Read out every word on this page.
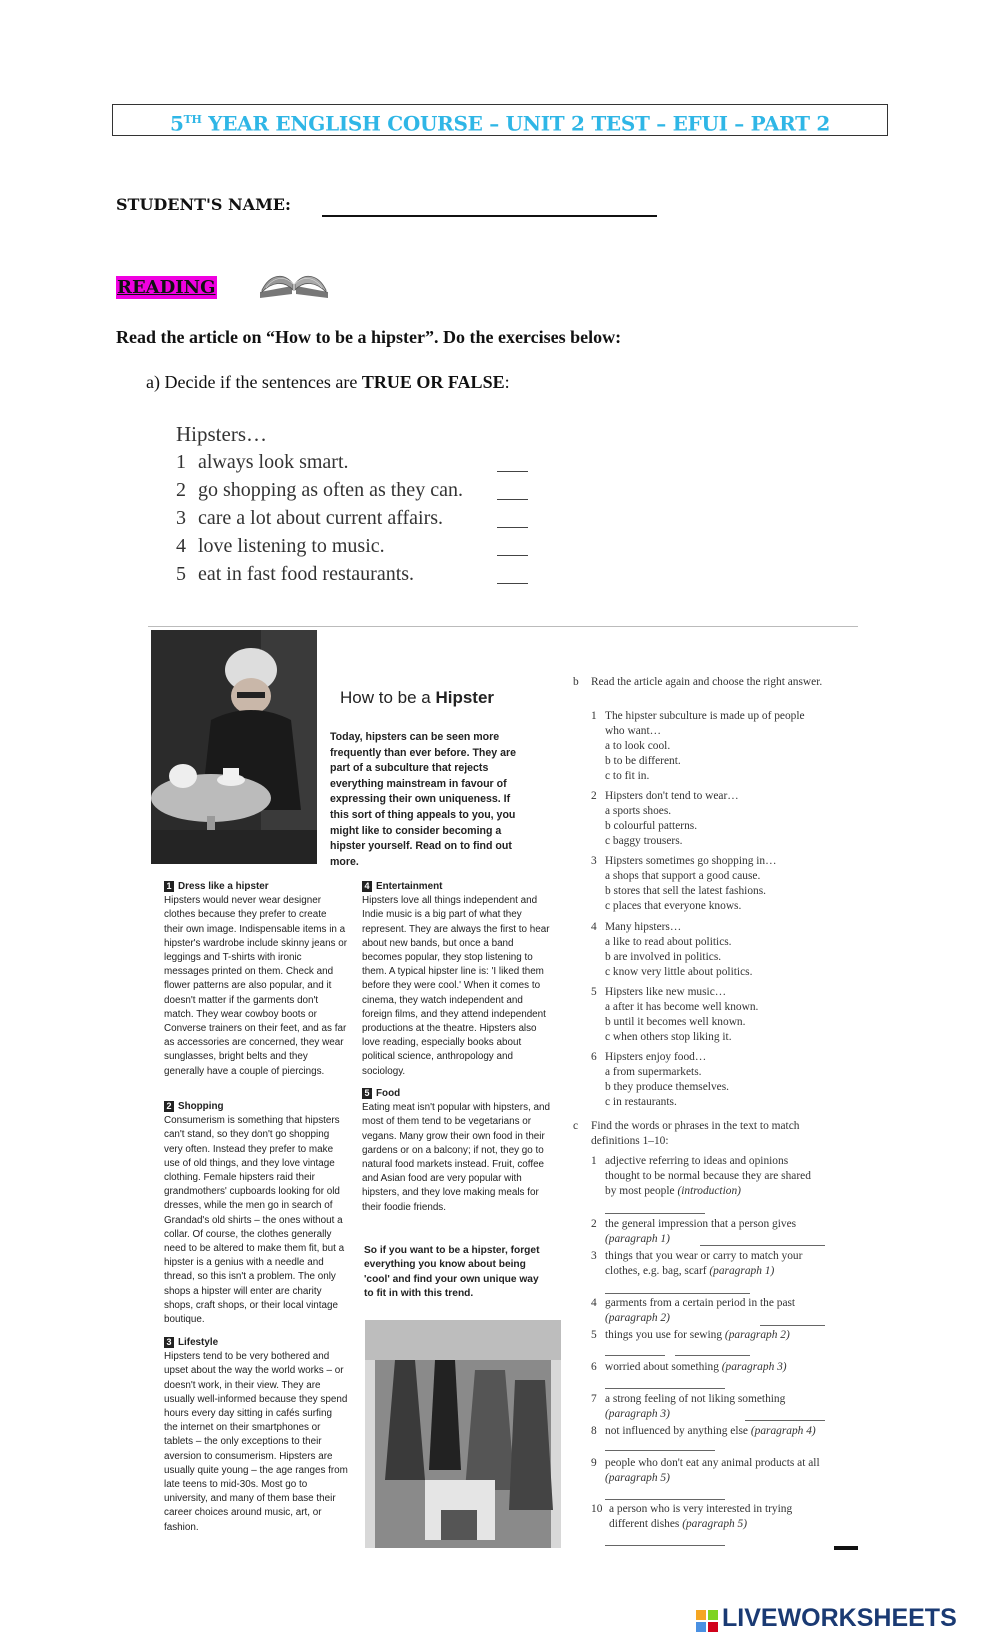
5TH YEAR ENGLISH COURSE – UNIT 2 TEST – EFUI – PART 2
STUDENT'S NAME:
READING
Read the article on “How to be a hipster”. Do the exercises below:
a) Decide if the sentences are TRUE OR FALSE:
Hipsters…
1 always look smart.
2 go shopping as often as they can.
3 care a lot about current affairs.
4 love listening to music.
5 eat in fast food restaurants.
How to be a Hipster
Today, hipsters can be seen more frequently than ever before. They are part of a subculture that rejects everything mainstream in favour of expressing their own uniqueness. If this sort of thing appeals to you, you might like to consider becoming a hipster yourself. Read on to find out more.
1 Dress like a hipster
Hipsters would never wear designer clothes because they prefer to create their own image. Indispensable items in a hipster's wardrobe include skinny jeans or leggings and T-shirts with ironic messages printed on them. Check and flower patterns are also popular, and it doesn't matter if the garments don't match. They wear cowboy boots or Converse trainers on their feet, and as far as accessories are concerned, they wear sunglasses, bright belts and they generally have a couple of piercings.
2 Shopping
Consumerism is something that hipsters can't stand, so they don't go shopping very often. Instead they prefer to make use of old things, and they love vintage clothing. Female hipsters raid their grandmothers' cupboards looking for old dresses, while the men go in search of Grandad's old shirts – the ones without a collar. Of course, the clothes generally need to be altered to make them fit, but a hipster is a genius with a needle and thread, so this isn't a problem. The only shops a hipster will enter are charity shops, craft shops, or their local vintage boutique.
3 Lifestyle
Hipsters tend to be very bothered and upset about the way the world works – or doesn't work, in their view. They are usually well-informed because they spend hours every day sitting in cafés surfing the internet on their smartphones or tablets – the only exceptions to their aversion to consumerism. Hipsters are usually quite young – the age ranges from late teens to mid-30s. Most go to university, and many of them base their career choices around music, art, or fashion.
4 Entertainment
Hipsters love all things independent and Indie music is a big part of what they represent. They are always the first to hear about new bands, but once a band becomes popular, they stop listening to them. A typical hipster line is: 'I liked them before they were cool.' When it comes to cinema, they watch independent and foreign films, and they attend independent productions at the theatre. Hipsters also love reading, especially books about political science, anthropology and sociology.
5 Food
Eating meat isn't popular with hipsters, and most of them tend to be vegetarians or vegans. Many grow their own food in their gardens or on a balcony; if not, they go to natural food markets instead. Fruit, coffee and Asian food are very popular with hipsters, and they love making meals for their foodie friends.
So if you want to be a hipster, forget everything you know about being 'cool' and find your own unique way to fit in with this trend.
b Read the article again and choose the right answer.
1 The hipster subculture is made up of people who want…
a to look cool.
b to be different.
c to fit in.
2 Hipsters don't tend to wear…
a sports shoes.
b colourful patterns.
c baggy trousers.
3 Hipsters sometimes go shopping in…
a shops that support a good cause.
b stores that sell the latest fashions.
c places that everyone knows.
4 Many hipsters…
a like to read about politics.
b are involved in politics.
c know very little about politics.
5 Hipsters like new music…
a after it has become well known.
b until it becomes well known.
c when others stop liking it.
6 Hipsters enjoy food…
a from supermarkets.
b they produce themselves.
c in restaurants.
c Find the words or phrases in the text to match definitions 1–10:
1 adjective referring to ideas and opinions thought to be normal because they are shared by most people (introduction)
2 the general impression that a person gives (paragraph 1)
3 things that you wear or carry to match your clothes, e.g. bag, scarf (paragraph 1)
4 garments from a certain period in the past (paragraph 2)
5 things you use for sewing (paragraph 2)
6 worried about something (paragraph 3)
7 a strong feeling of not liking something (paragraph 3)
8 not influenced by anything else (paragraph 4)
9 people who don't eat any animal products at all (paragraph 5)
10 a person who is very interested in trying different dishes (paragraph 5)
LIVEWORKSHEETS
